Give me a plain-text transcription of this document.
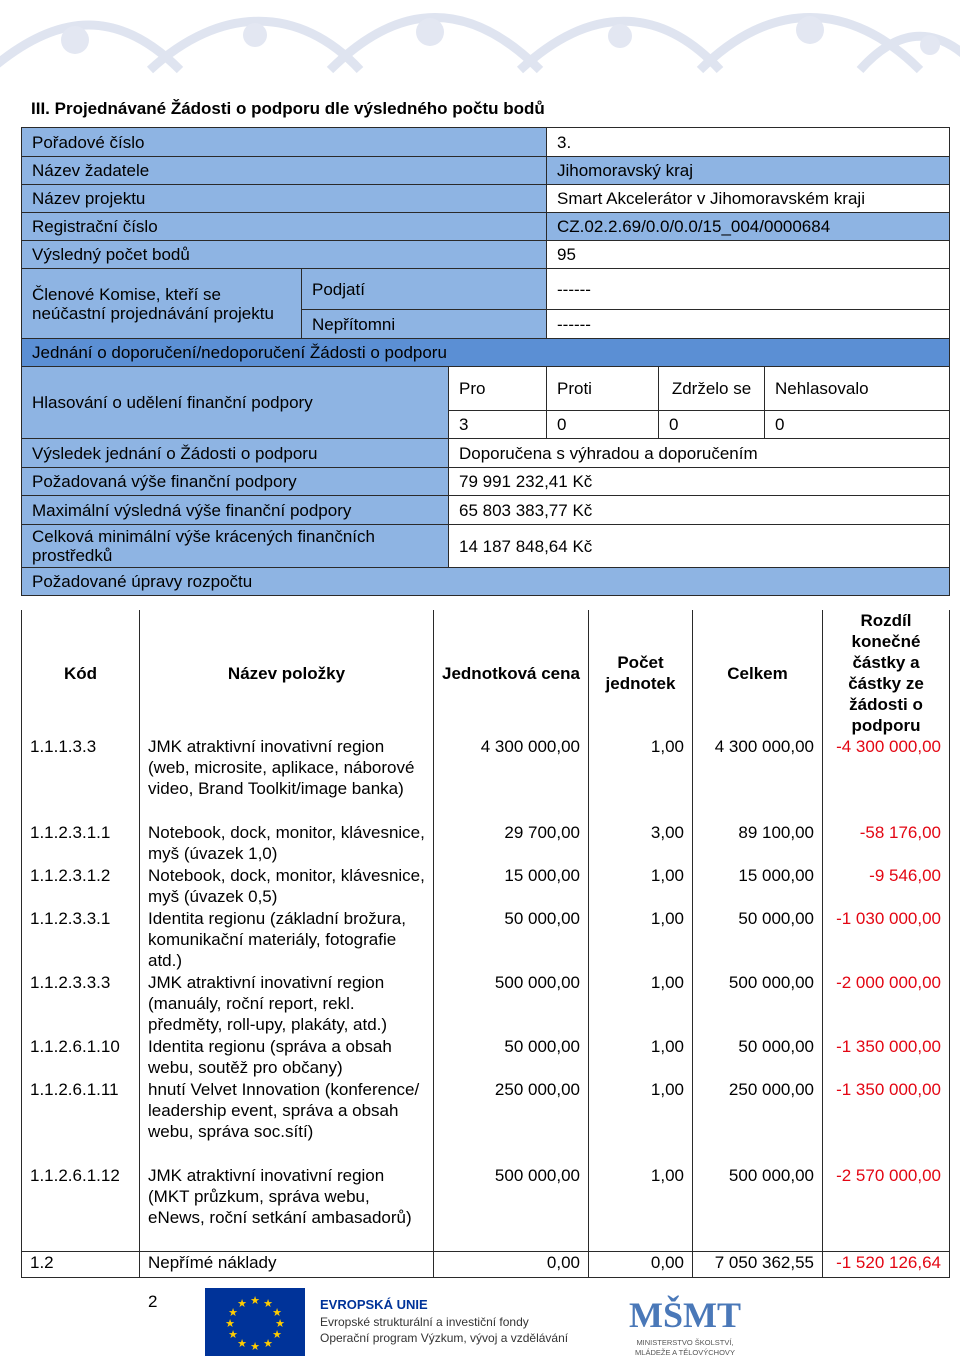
III. Projednávané Žádosti o podporu dle výsledného počtu bodů
Pořadové číslo			3.		
Název žadatele			Jihomoravský kraj		
Název projektu			Smart Akcelerátor v Jihomoravském kraji		
Registrační číslo			CZ.02.2.69/0.0/0.0/15_004/0000684		
Výsledný počet bodů			95		
Členové Komise, kteří se neúčastní projednávání projektu	Podjatí		------		
	Nepřítomni		------		
Jednání o doporučení/nedoporučení Žádosti o podporu					
Hlasování o udělení finanční podpory		Pro	Proti	Zdrželo se	Nehlasovalo
		3	0	0	0
Výsledek jednání o Žádosti o podporu		Doporučena s výhradou a doporučením			
Požadovaná výše finanční podpory		79 991 232,41 Kč			
Maximální výsledná výše finanční podpory		65 803 383,77 Kč			
Celková minimální výše krácených finančních prostředků		14 187 848,64 Kč			
Požadované úpravy rozpočtu					
Kód	Název položky	Jednotková cena	Počet jednotek	Celkem	Rozdíl konečné částky a částky ze žádosti o podporu
1.1.1.3.3	JMK atraktivní inovativní region (web, microsite, aplikace, náborové video, Brand Toolkit/image banka)	4 300 000,00	1,00	4 300 000,00	-4 300 000,00
1.1.2.3.1.1	Notebook, dock, monitor, klávesnice, myš (úvazek 1,0)	29 700,00	3,00	89 100,00	-58 176,00
1.1.2.3.1.2	Notebook, dock, monitor, klávesnice, myš (úvazek 0,5)	15 000,00	1,00	15 000,00	-9 546,00
1.1.2.3.3.1	Identita regionu (základní brožura, komunikační materiály, fotografie atd.)	50 000,00	1,00	50 000,00	-1 030 000,00
1.1.2.3.3.3	JMK atraktivní inovativní region (manuály, roční report, rekl. předměty, roll-upy, plakáty, atd.)	500 000,00	1,00	500 000,00	-2 000 000,00
1.1.2.6.1.10	Identita regionu (správa a obsah webu, soutěž pro občany)	50 000,00	1,00	50 000,00	-1 350 000,00
1.1.2.6.1.11	hnutí Velvet Innovation (konference/ leadership event, správa a obsah webu, správa soc.sítí)	250 000,00	1,00	250 000,00	-1 350 000,00
1.1.2.6.1.12	JMK atraktivní inovativní region (MKT průzkum, správa webu, eNews, roční setkání ambasadorů)	500 000,00	1,00	500 000,00	-2 570 000,00
1.2	Nepřímé náklady	0,00	0,00	7 050 362,55	-1 520 126,64
2	★ ★
★
★
★
★
★
★
★
★
★
★	EVROPSKÁ UNIE
Evropské strukturální a investiční fondy
Operační program Výzkum, vývoj a vzdělávání
MŠMT
MINISTERSTVO ŠKOLSTVÍ,
MLÁDEŽE A TĚLOVÝCHOVY
